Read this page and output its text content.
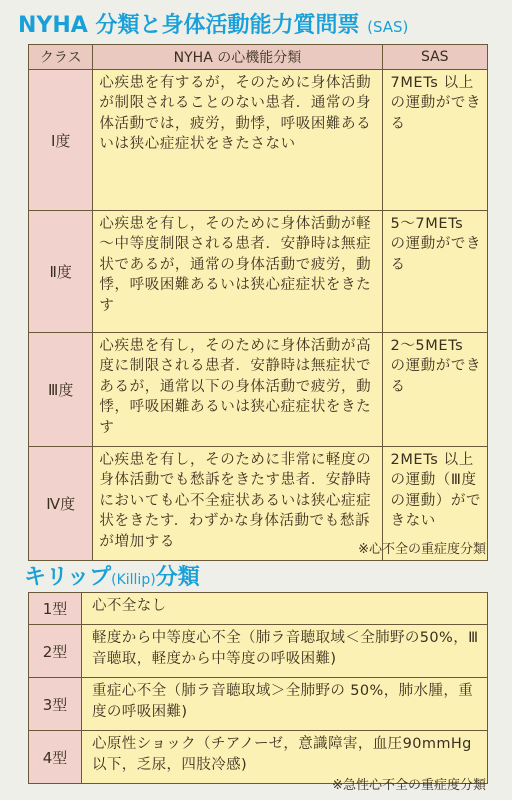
NYHA 分類と身体活動能力質問票 (SAS)
クラス	NYHA の心機能分類	SAS
Ⅰ度	心疾患を有するが，そのために身体活動が制限されることのない患者．通常の身体活動では，疲労，動悸，呼吸困難あるいは狭心症症状をきたさない	7METs 以上の運動ができる
Ⅱ度	心疾患を有し，そのために身体活動が軽～中等度制限される患者．安静時は無症状であるが，通常の身体活動で疲労，動悸，呼吸困難あるいは狭心症症状をきたす	5～7METs の運動ができる
Ⅲ度	心疾患を有し，そのために身体活動が高度に制限される患者．安静時は無症状であるが，通常以下の身体活動で疲労，動悸，呼吸困難あるいは狭心症症状をきたす	2～5METs の運動ができる
Ⅳ度	心疾患を有し，そのために非常に軽度の身体活動でも愁訴をきたす患者．安静時においても心不全症状あるいは狭心症症状をきたす．わずかな身体活動でも愁訴が増加する	2METs 以上の運動（Ⅲ度の運動）ができない
※心不全の重症度分類
キリップ(Killip)分類
1型	心不全なし
2型	軽度から中等度心不全（肺ラ音聴取域＜全肺野の50%，Ⅲ音聴取，軽度から中等度の呼吸困難)
3型	重症心不全（肺ラ音聴取域＞全肺野の 50%，肺水腫，重度の呼吸困難)
4型	心原性ショック（チアノーゼ，意識障害，血圧90mmHg 以下，乏尿，四肢冷感)
※急性心不全の重症度分類
